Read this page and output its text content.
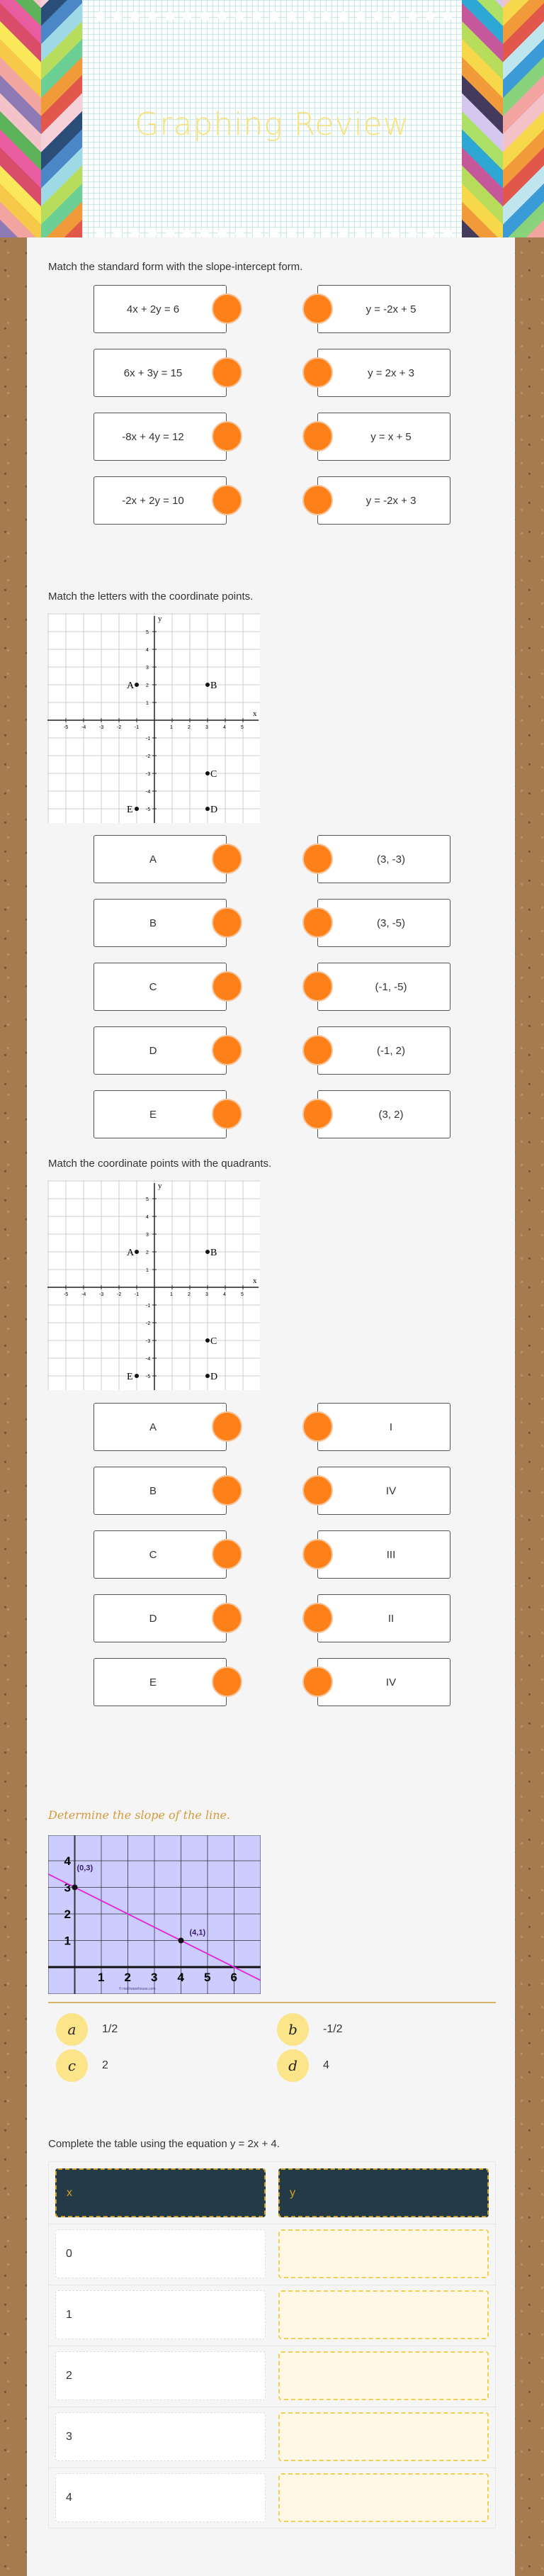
Graphing Review
Match the standard form with the slope-intercept form.
Match the letters with the coordinate points.
x
y
-5
-5
-4
-4
-3
-3
-2
-2
-1
-1
1
1
2
2
3
3
4
4
5
5
A	B
C
D
E
Match the coordinate points with the quadrants.
x
y
-5
-5
-4
-4
-3
-3
-2
-2
-1
-1
1
1
2
2
3
3
4
4
5
5
A	B
C
D
E
Determine the slope of the line.
1 2 3 4 5 6
1
2
3
4
(0,3)
(4,1)
© mathwarehouse.com
a	1/2	b	-1/2
c	2	d	4
Complete the table using the equation y = 2x + 4.
x	y
0
1
2
3
4
4x + 2y = 6	y = -2x + 5
6x + 3y = 15	y = 2x + 3
-8x + 4y = 12	y = x + 5
-2x + 2y = 10	y = -2x + 3
A	(3, -3)
B	(3, -5)
C	(-1, -5)
D	(-1, 2)
E	(3, 2)
A	I
B	IV
C	III
D	II
E	IV
